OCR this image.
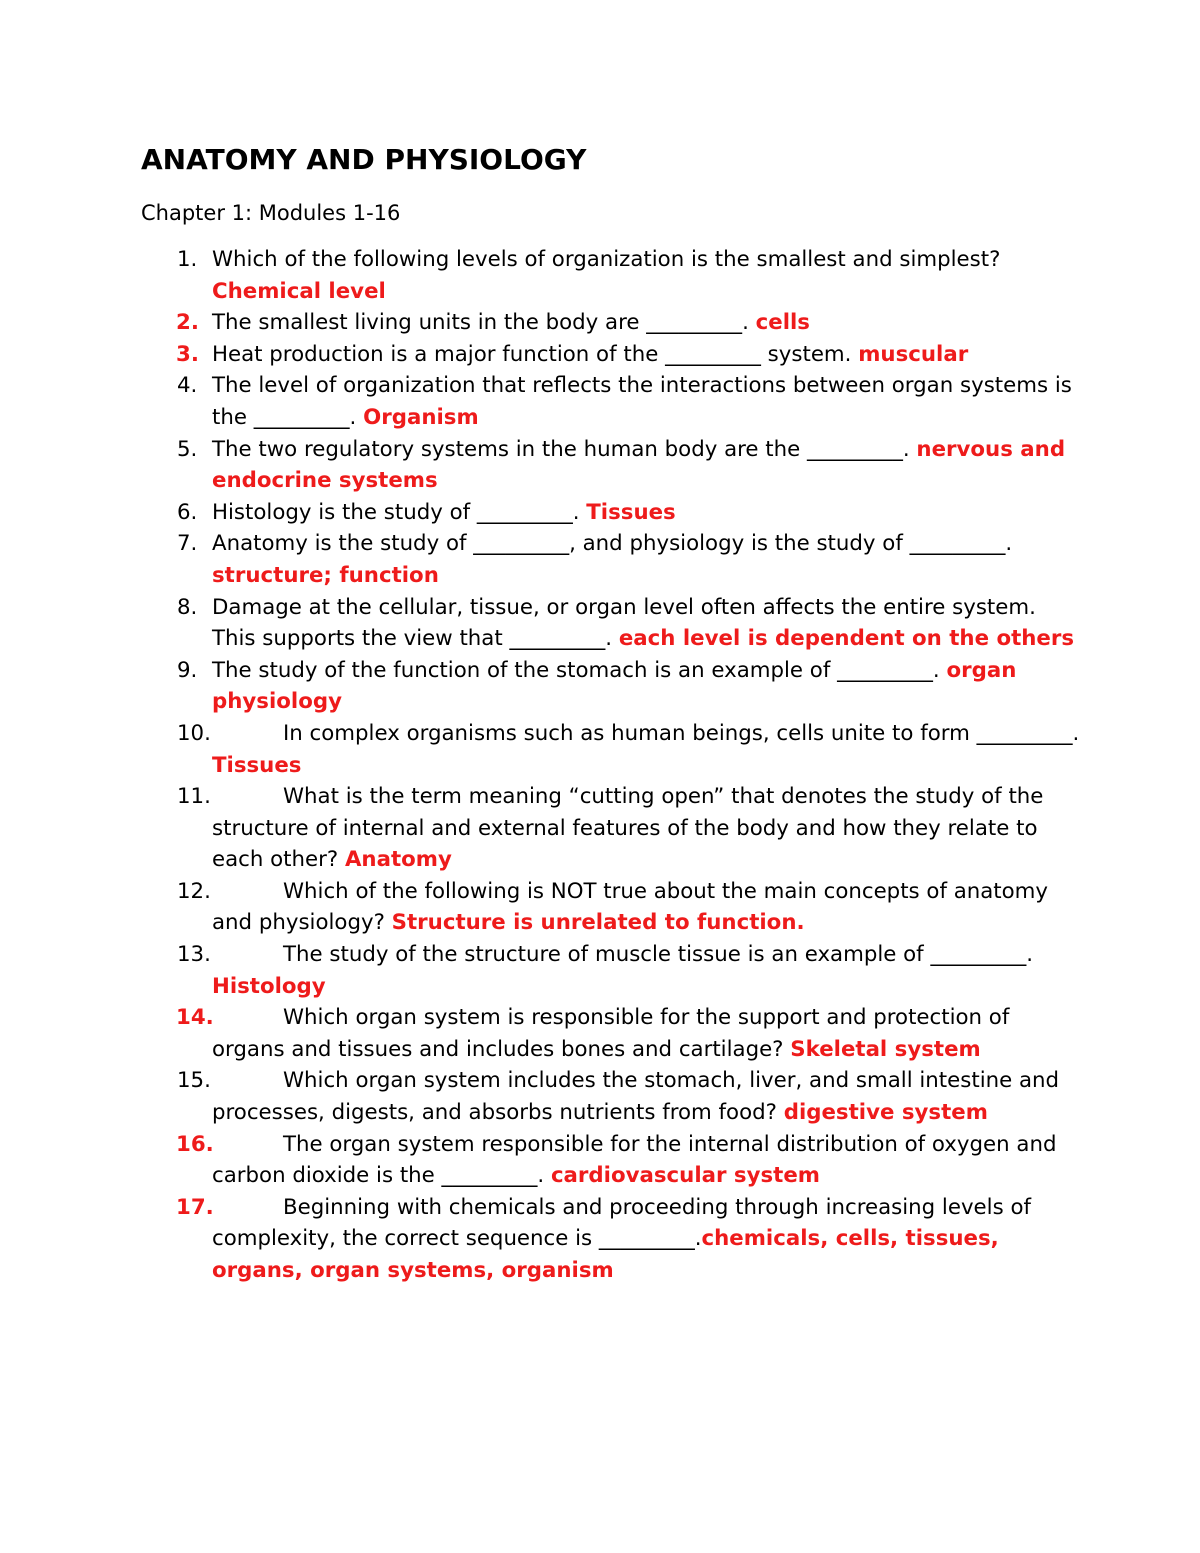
ANATOMY AND PHYSIOLOGY
Chapter 1: Modules 1-16
1. Which of the following levels of organization is the smallest and simplest? Chemical level
2. The smallest living units in the body are _________. cells
3. Heat production is a major function of the _________ system. muscular
4. The level of organization that reflects the interactions between organ systems is the _________. Organism
5. The two regulatory systems in the human body are the _________. nervous and endocrine systems
6. Histology is the study of _________. Tissues
7. Anatomy is the study of _________, and physiology is the study of _________. structure; function
8. Damage at the cellular, tissue, or organ level often affects the entire system. This supports the view that _________. each level is dependent on the others
9. The study of the function of the stomach is an example of _________. organ physiology
10.	In complex organisms such as human beings, cells unite to form _________. Tissues
11.	What is the term meaning “cutting open” that denotes the study of the structure of internal and external features of the body and how they relate to each other? Anatomy
12.	Which of the following is NOT true about the main concepts of anatomy and physiology? Structure is unrelated to function.
13.	The study of the structure of muscle tissue is an example of _________. Histology
14.	Which organ system is responsible for the support and protection of organs and tissues and includes bones and cartilage? Skeletal system
15.	Which organ system includes the stomach, liver, and small intestine and processes, digests, and absorbs nutrients from food? digestive system
16.	The organ system responsible for the internal distribution of oxygen and carbon dioxide is the _________. cardiovascular system
17.	Beginning with chemicals and proceeding through increasing levels of complexity, the correct sequence is _________.chemicals, cells, tissues, organs, organ systems, organism
